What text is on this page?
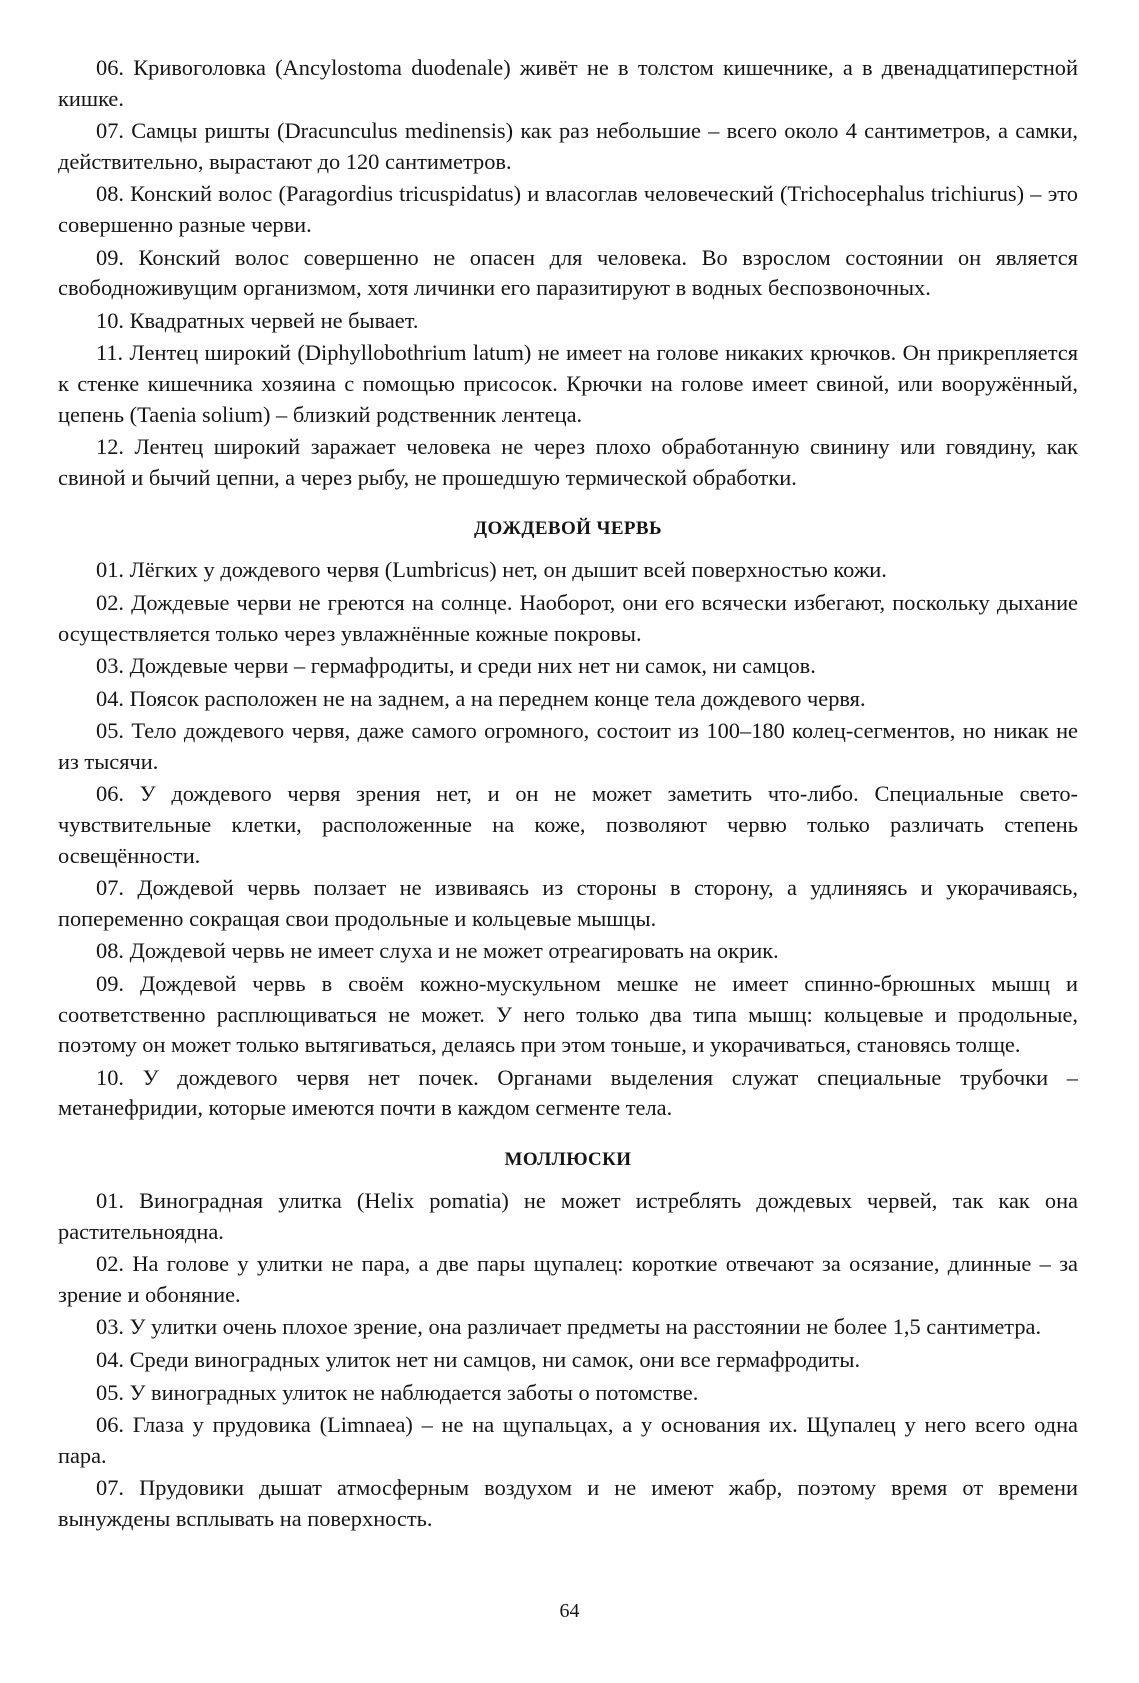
06. Кривоголовка (Ancylostoma duodenale) живёт не в толстом кишечнике, а в двенадцатиперстной кишке.

07. Самцы ришты (Dracunculus medinensis) как раз небольшие – всего около 4 сантиметров, а самки, действительно, вырастают до 120 сантиметров.

08. Конский волос (Paragordius tricuspidatus) и власоглав человеческий (Trichocephalus trichiurus) – это совершенно разные черви.

09. Конский волос совершенно не опасен для человека. Во взрослом состоянии он является свободноживущим организмом, хотя личинки его паразитируют в водных беспозвоночных.

10. Квадратных червей не бывает.

11. Лентец широкий (Diphyllobothrium latum) не имеет на голове никаких крючков. Он прикрепляется к стенке кишечника хозяина с помощью присосок. Крючки на голове имеет свиной, или вооружённый, цепень (Taenia solium) – близкий родственник лентеца.

12. Лентец широкий заражает человека не через плохо обработанную свинину или говядину, как свиной и бычий цепни, а через рыбу, не прошедшую термической обработки.

ДОЖДЕВОЙ ЧЕРВЬ

01. Лёгких у дождевого червя (Lumbricus) нет, он дышит всей поверхностью кожи.

02. Дождевые черви не греются на солнце. Наоборот, они его всячески избегают, поскольку дыхание осуществляется только через увлажнённые кожные покровы.

03. Дождевые черви – гермафродиты, и среди них нет ни самок, ни самцов.

04. Поясок расположен не на заднем, а на переднем конце тела дождевого червя.

05. Тело дождевого червя, даже самого огромного, состоит из 100–180 колец-сегментов, но никак не из тысячи.

06. У дождевого червя зрения нет, и он не может заметить что-либо. Специальные светочувствительные клетки, расположенные на коже, позволяют червю только различать степень освещённости.

07. Дождевой червь ползает не извиваясь из стороны в сторону, а удлиняясь и укорачиваясь, попеременно сокращая свои продольные и кольцевые мышцы.

08. Дождевой червь не имеет слуха и не может отреагировать на окрик.

09. Дождевой червь в своём кожно-мускульном мешке не имеет спинно-брюшных мышц и соответственно расплющиваться не может. У него только два типа мышц: кольцевые и продольные, поэтому он может только вытягиваться, делаясь при этом тоньше, и укорачиваться, становясь толще.

10. У дождевого червя нет почек. Органами выделения служат специальные трубочки – метанефридии, которые имеются почти в каждом сегменте тела.

МОЛЛЮСКИ

01. Виноградная улитка (Helix pomatia) не может истреблять дождевых червей, так как она растительноядна.

02. На голове у улитки не пара, а две пары щупалец: короткие отвечают за осязание, длинные – за зрение и обоняние.

03. У улитки очень плохое зрение, она различает предметы на расстоянии не более 1,5 сантиметра.

04. Среди виноградных улиток нет ни самцов, ни самок, они все гермафродиты.

05. У виноградных улиток не наблюдается заботы о потомстве.

06. Глаза у прудовика (Limnaea) – не на щупальцах, а у основания их. Щупалец у него всего одна пара.

07. Прудовики дышат атмосферным воздухом и не имеют жабр, поэтому время от времени вынуждены всплывать на поверхность.

64
